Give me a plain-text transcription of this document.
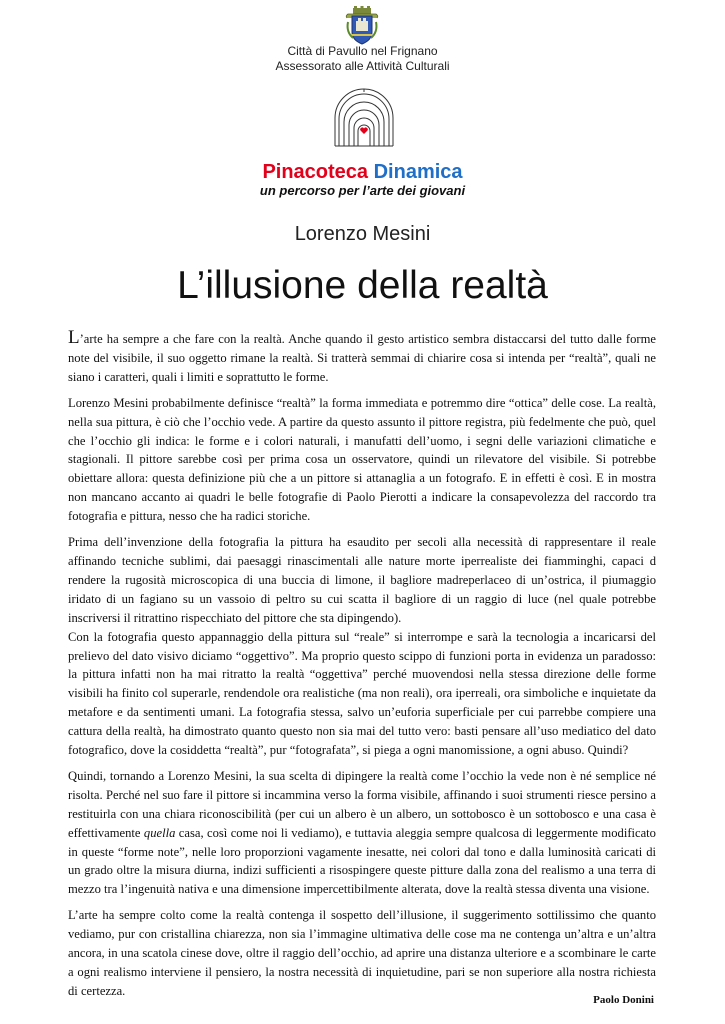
Città di Pavullo nel Frignano
Assessorato alle Attività Culturali
Pinacoteca Dinamica
un percorso per l’arte dei giovani
Lorenzo Mesini
L’illusione della realtà

L’arte ha sempre a che fare con la realtà. Anche quando il gesto artistico sembra distaccarsi del tutto dalle forme note del visibile, il suo oggetto rimane la realtà. Si tratterà semmai di chiarire cosa si intenda per “realtà”, quali ne siano i caratteri, quali i limiti e soprattutto le forme.

Lorenzo Mesini probabilmente definisce “realtà” la forma immediata e potremmo dire “ottica” delle cose. La realtà, nella sua pittura, è ciò che l’occhio vede. A partire da questo assunto il pittore registra, più fedelmente che può, quel che l’occhio gli indica: le forme e i colori naturali, i manufatti dell’uomo, i segni delle variazioni climatiche e stagionali. Il pittore sarebbe così per prima cosa un osservatore, quindi un rilevatore del visibile. Si potrebbe obiettare allora: questa definizione più che a un pittore si attanaglia a un fotografo. E in effetti è così. E in mostra non mancano accanto ai quadri le belle fotografie di Paolo Pierotti a indicare la consapevolezza del raccordo tra fotografia e pittura, nesso che ha radici storiche.

Prima dell’invenzione della fotografia la pittura ha esaudito per secoli alla necessità di rappresentare il reale affinando tecniche sublimi, dai paesaggi rinascimentali alle nature morte iperrealiste dei fiamminghi, capaci d rendere la rugosità microscopica di una buccia di limone, il bagliore madreperlaceo di un’ostrica, il piumaggio iridato di un fagiano su un vassoio di peltro su cui scatta il bagliore di un raggio di luce (nel quale potrebbe inscriversi il ritrattino rispecchiato del pittore che sta dipingendo).

Con la fotografia questo appannaggio della pittura sul “reale” si interrompe e sarà la tecnologia a incaricarsi del prelievo del dato visivo diciamo “oggettivo”. Ma proprio questo scippo di funzioni porta in evidenza un paradosso: la pittura infatti non ha mai ritratto la realtà “oggettiva” perché muovendosi nella stessa direzione delle forme visibili ha finito col superarle, rendendole ora realistiche (ma non reali), ora iperreali, ora simboliche e inquietate da metafore e da sentimenti umani. La fotografia stessa, salvo un’euforia superficiale per cui parrebbe compiere una cattura della realtà, ha dimostrato quanto questo non sia mai del tutto vero: basti pensare all’uso mediatico del dato fotografico, dove la cosiddetta “realtà”, pur “fotografata”, si piega a ogni manomissione, a ogni abuso. Quindi?

Quindi, tornando a Lorenzo Mesini, la sua scelta di dipingere la realtà come l’occhio la vede non è né semplice né risolta. Perché nel suo fare il pittore si incammina verso la forma visibile, affinando i suoi strumenti riesce persino a restituirla con una chiara riconoscibilità (per cui un albero è un albero, un sottobosco è un sottobosco e una casa è effettivamente quella casa, così come noi li vediamo), e tuttavia aleggia sempre qualcosa di leggermente modificato in queste “forme note”, nelle loro proporzioni vagamente inesatte, nei colori dal tono e dalla luminosità caricati di un grado oltre la misura diurna, indizi sufficienti a risospingere queste pitture dalla zona del realismo a una terra di mezzo tra l’ingenuità nativa e una dimensione impercettibilmente alterata, dove la realtà stessa diventa una visione.

L’arte ha sempre colto come la realtà contenga il sospetto dell’illusione, il suggerimento sottilissimo che quanto vediamo, pur con cristallina chiarezza, non sia l’immagine ultimativa delle cose ma ne contenga un’altra e un’altra ancora, in una scatola cinese dove, oltre il raggio dell’occhio, ad aprire una distanza ulteriore e a scombinare le carte a ogni realismo interviene il pensiero, la nostra necessità di inquietudine, pari se non superiore alla nostra richiesta di certezza.

Paolo Donini
